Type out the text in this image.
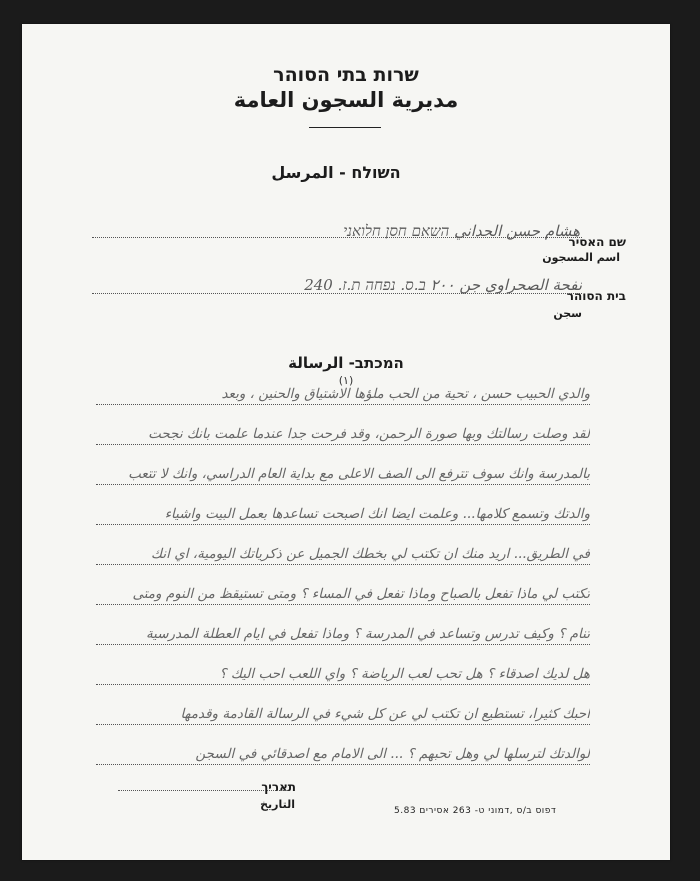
שרות בתי הסוהר
مديرية السجون العامة
השולח - المرسل
שם האסיר
اسم المسجون
هشام حسن الحداني השאם חסן חלואני
בית הסוהר
سجن
نفحة الصحراوي جن ٢٠٠ ב.ס. נפחה ת.ז. 240
המכתב- الرسالة
(١)
والدي الحبيب حسن ، تحية من الحب ملؤها الاشتياق والحنين ، وبعد
لقد وصلت رسالتك وبها صورة الرحمن، وقد فرحت جدا عندما علمت بانك نجحت
بالمدرسة وانك سوف تترفع الى الصف الاعلى مع بداية العام الدراسي، وانك لا تتعب
والدتك وتسمع كلامها... وعلمت ايضا انك اصبحت تساعدها بعمل البيت واشياء
في الطريق... اريد منك ان تكتب لي بخطك الجميل عن ذكرياتك اليومية، اي انك
تكتب لي ماذا تفعل بالصباح وماذا تفعل في المساء ؟ ومتى تستيقظ من النوم ومتى
تنام ؟ وكيف تدرس وتساعد في المدرسة ؟ وماذا تفعل في ايام العطلة المدرسية
هل لديك اصدقاء ؟ هل تحب لعب الرياضة ؟ واي اللعب احب اليك ؟
احبك كثيرا، تستطيع ان تكتب لي عن كل شيء في الرسالة القادمة وقدمها
لوالدتك لترسلها لي وهل تحبهم ؟ ... الى الامام مع اصدقائي في السجن
תאריך
التاريخ	דפוס ב/ס ,דמוני ט- 263 אסירים 5.83
